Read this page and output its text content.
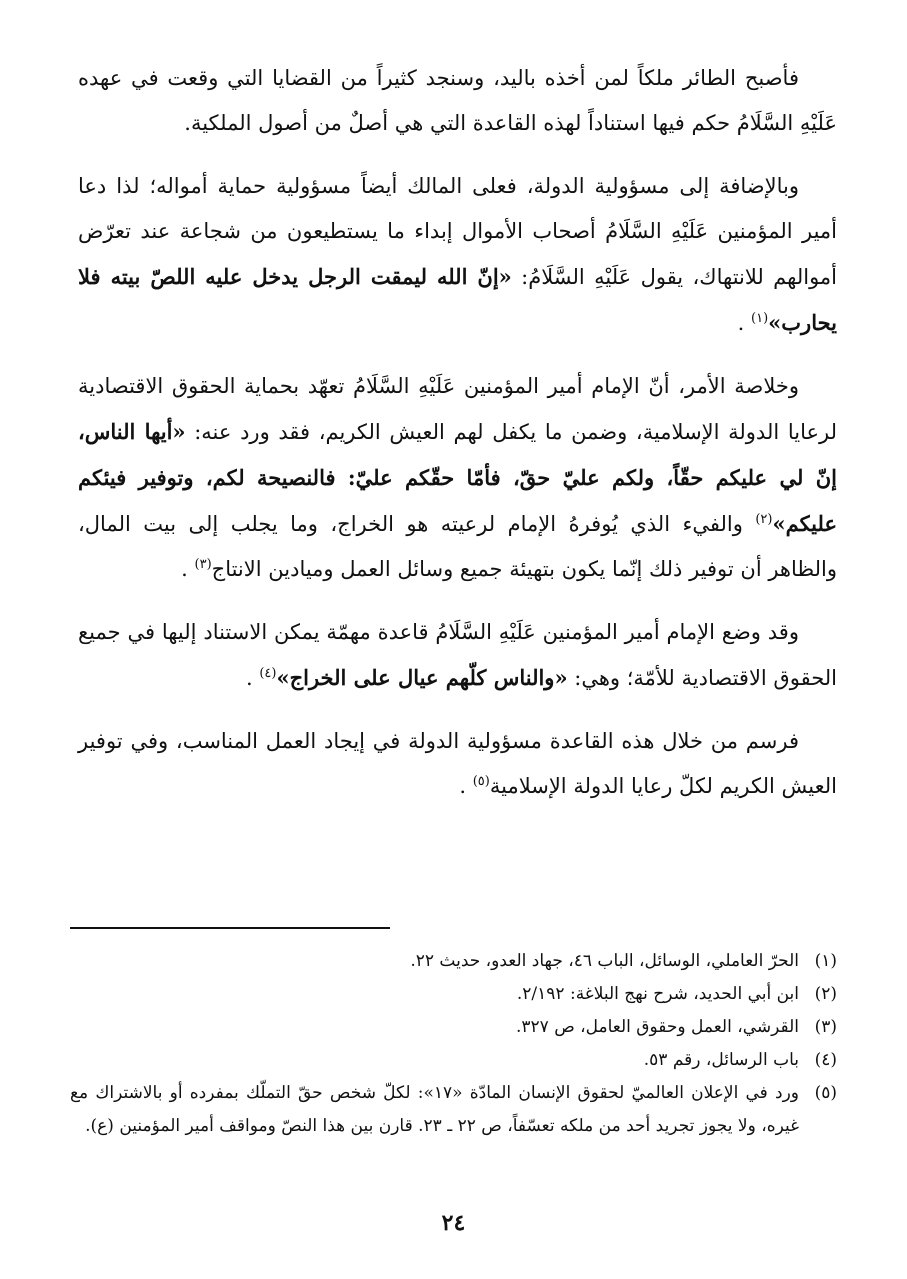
فأصبح الطائر ملكاً لمن أخذه باليد، وسنجد كثيراً من القضايا التي وقعت في عهده عَلَيْهِ السَّلَامُ حكم فيها استناداً لهذه القاعدة التي هي أصلٌ من أصول الملكية.

وبالإضافة إلى مسؤولية الدولة، فعلى المالك أيضاً مسؤولية حماية أمواله؛ لذا دعا أمير المؤمنين عَلَيْهِ السَّلَامُ أصحاب الأموال إبداء ما يستطيعون من شجاعة عند تعرّض أموالهم للانتهاك، يقول عَلَيْهِ السَّلَامُ: «إنّ الله ليمقت الرجل يدخل عليه اللصّ بيته فلا يحارب»$^{(١)}$ .

وخلاصة الأمر، أنّ الإمام أمير المؤمنين عَلَيْهِ السَّلَامُ تعهّد بحماية الحقوق الاقتصادية لرعايا الدولة الإسلامية، وضمن ما يكفل لهم العيش الكريم، فقد ورد عنه: «أيها الناس، إنّ لي عليكم حقّاً، ولكم عليّ حقّ، فأمّا حقّكم عليّ: فالنصيحة لكم، وتوفير فيئكم عليكم»$^{(٢)}$ والفيء الذي يُوفرهُ الإمام لرعيته هو الخراج، وما يجلب إلى بيت المال، والظاهر أن توفير ذلك إنّما يكون بتهيئة جميع وسائل العمل وميادين الانتاج$^{(٣)}$ .

وقد وضع الإمام أمير المؤمنين عَلَيْهِ السَّلَامُ قاعدة مهمّة يمكن الاستناد إليها في جميع الحقوق الاقتصادية للأمّة؛ وهي: «والناس كلّهم عيال على الخراج»$^{(٤)}$ .

فرسم من خلال هذه القاعدة مسؤولية الدولة في إيجاد العمل المناسب، وفي توفير العيش الكريم لكلّ رعايا الدولة الإسلامية$^{(٥)}$ .

(١)
الحرّ العاملي، الوسائل، الباب ٤٦، جهاد العدو، حديث ٢٢.
(٢)
ابن أبي الحديد، شرح نهج البلاغة: ٢/١٩٢.
(٣)
القرشي، العمل وحقوق العامل، ص ٣٢٧.
(٤)
باب الرسائل، رقم ٥٣.
(٥)
ورد في الإعلان العالميّ لحقوق الإنسان المادّة «١٧»: لكلّ شخص حقّ التملّك بمفرده أو بالاشتراك مع غيره، ولا يجوز تجريد أحد من ملكه تعسّفاً، ص ٢٢ ـ ٢٣. قارن بين هذا النصّ ومواقف أمير المؤمنين (ع).
٢٤
